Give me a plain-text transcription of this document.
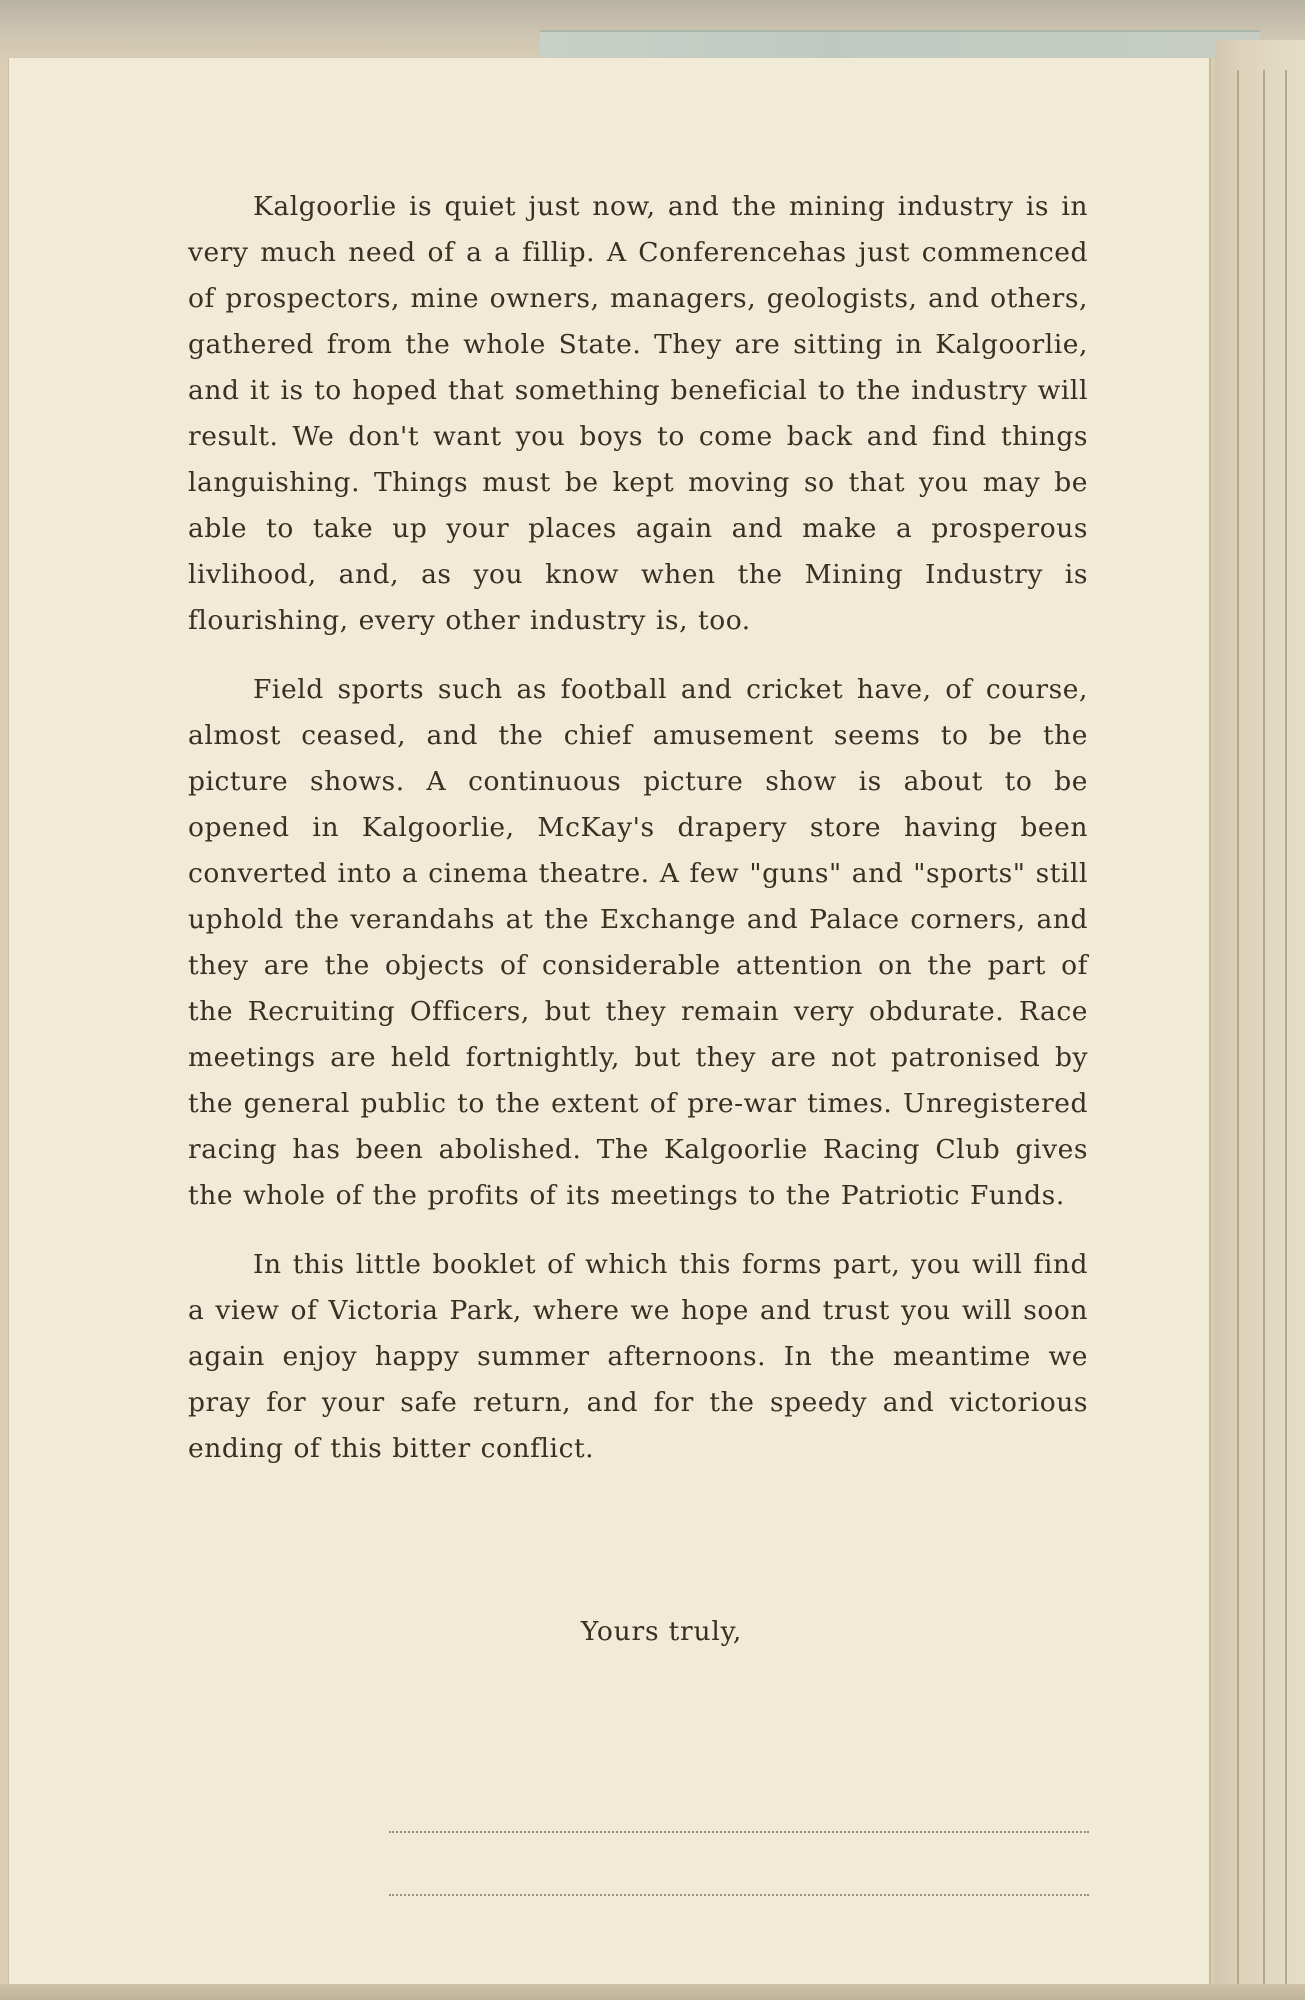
Kalgoorlie is quiet just now, and the mining industry is in very much need of a a fillip. A Conferencehas just commenced of prospectors, mine owners, managers, geologists, and others, gathered from the whole State. They are sitting in Kalgoorlie, and it is to hoped that something beneficial to the industry will result. We don't want you boys to come back and find things languishing. Things must be kept moving so that you may be able to take up your places again and make a prosperous livlihood, and, as you know when the Mining Industry is flourishing, every other industry is, too.

Field sports such as football and cricket have, of course, almost ceased, and the chief amusement seems to be the picture shows. A continuous picture show is about to be opened in Kalgoorlie, McKay's drapery store having been converted into a cinema theatre. A few "guns" and "sports" still uphold the verandahs at the Exchange and Palace corners, and they are the objects of considerable attention on the part of the Recruiting Officers, but they remain very obdurate. Race meetings are held fortnightly, but they are not patronised by the general public to the extent of pre-war times. Unregistered racing has been abolished. The Kalgoorlie Racing Club gives the whole of the profits of its meetings to the Patriotic Funds.

In this little booklet of which this forms part, you will find a view of Victoria Park, where we hope and trust you will soon again enjoy happy summer afternoons. In the meantime we pray for your safe return, and for the speedy and victorious ending of this bitter conflict.

Yours truly,
